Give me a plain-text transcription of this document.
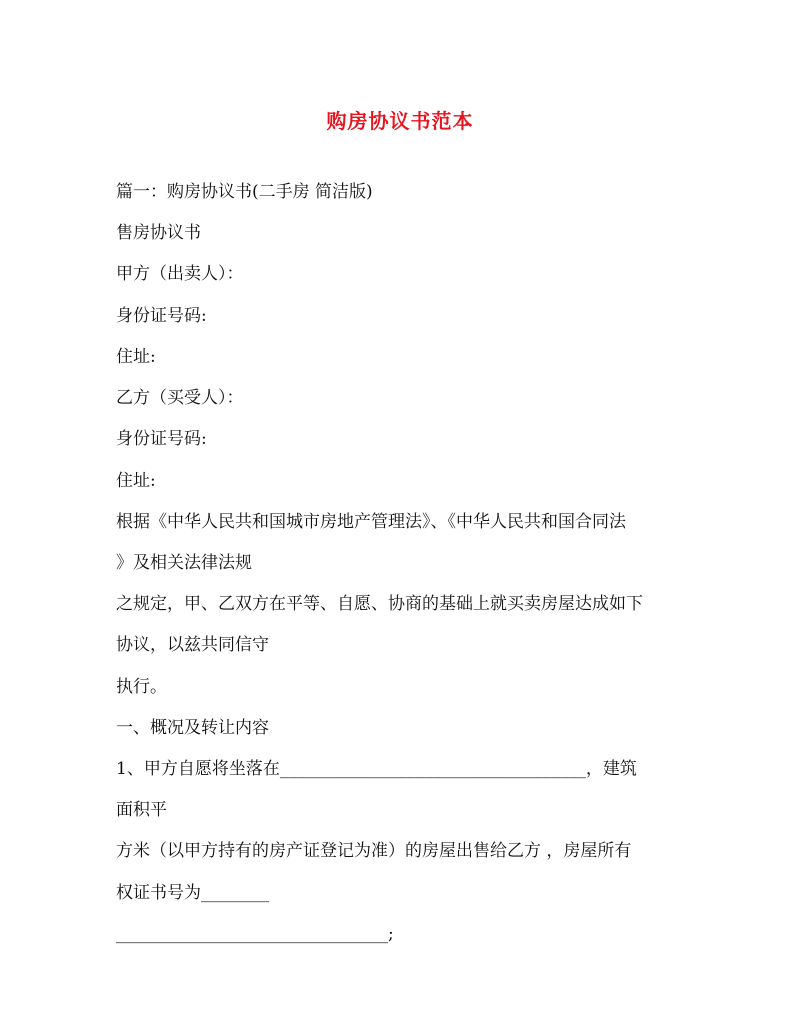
购房协议书范本
篇一：购房协议书(二手房 简洁版)
售房协议书
甲方（出卖人）：
身份证号码:
住址:
乙方（买受人）：
身份证号码:
住址:
根据《中华人民共和国城市房地产管理法》、《中华人民共和国合同法
》及相关法律法规
之规定，甲、乙双方在平等、自愿、协商的基础上就买卖房屋达成如下
协议，以兹共同信守
执行。
一、概况及转让内容
1、甲方自愿将坐落在____________________________________，建筑
面积平
方米（以甲方持有的房产证登记为准）的房屋出售给乙方 ，房屋所有
权证书号为________
________________________________;
